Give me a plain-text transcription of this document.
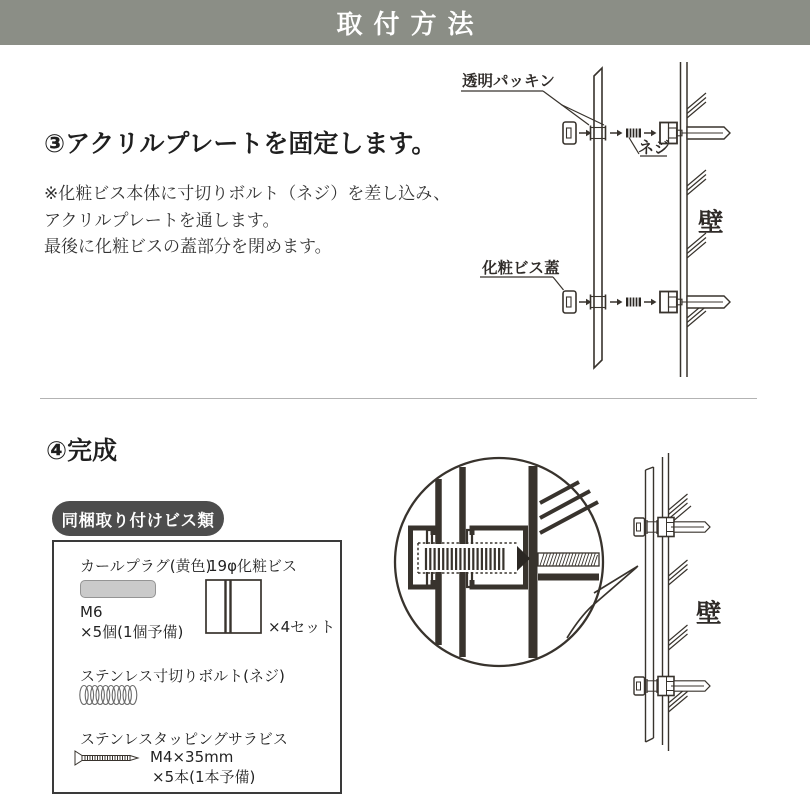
取付方法
③アクリルプレートを固定します。
※化粧ビス本体に寸切りボルト（ネジ）を差し込み、
アクリルプレートを通します。
最後に化粧ビスの蓋部分を閉めます。
透明パッキン
ネジ
化粧ビス蓋
壁
④完成
同梱取り付けビス類
カールプラグ(黄色)
M6
×5個(1個予備)
19φ化粧ビス
×4セット
ステンレス寸切りボルト(ネジ)
ステンレスタッピングサラビス
M4×35mm
×5本(1本予備)
壁
